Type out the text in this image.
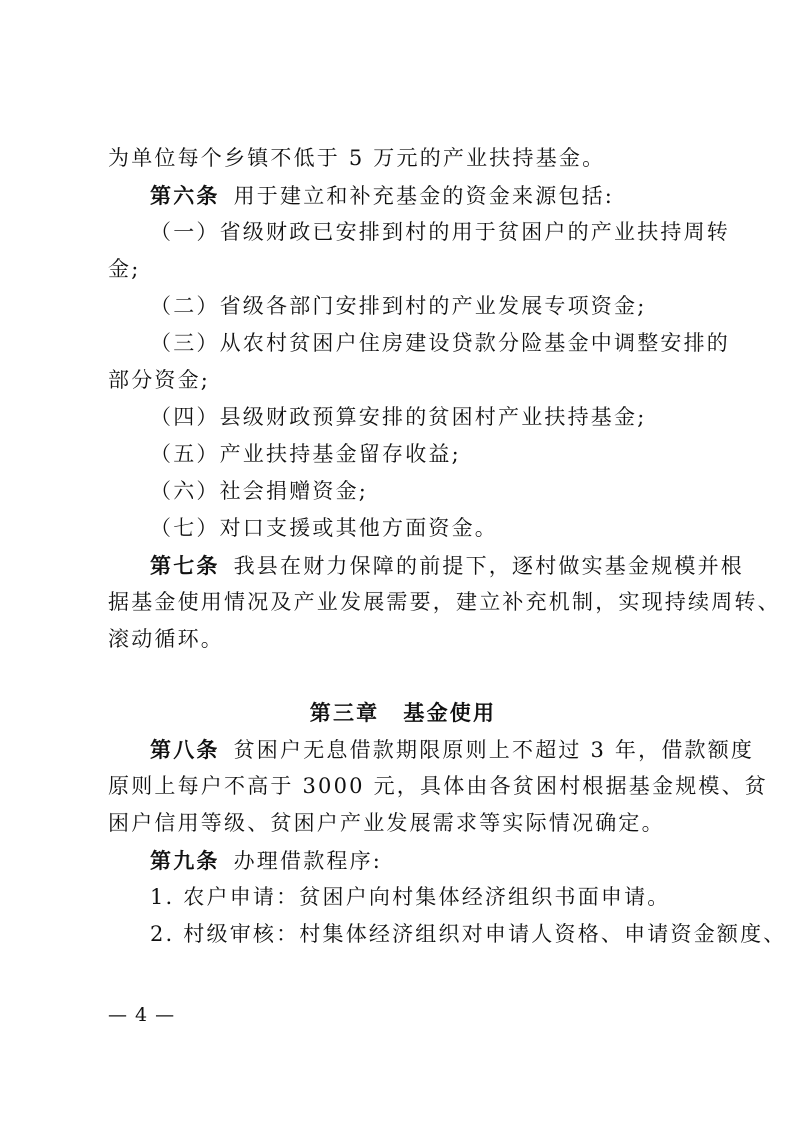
为单位每个乡镇不低于 5 万元的产业扶持基金。
第六条 用于建立和补充基金的资金来源包括:
（一）省级财政已安排到村的用于贫困户的产业扶持周转
金;
（二）省级各部门安排到村的产业发展专项资金;
（三）从农村贫困户住房建设贷款分险基金中调整安排的
部分资金;
（四）县级财政预算安排的贫困村产业扶持基金;
（五）产业扶持基金留存收益;
（六）社会捐赠资金;
（七）对口支援或其他方面资金。
第七条 我县在财力保障的前提下，逐村做实基金规模并根
据基金使用情况及产业发展需要，建立补充机制，实现持续周转、
滚动循环。
第三章 基金使用
第八条 贫困户无息借款期限原则上不超过 3 年，借款额度
原则上每户不高于 3000 元，具体由各贫困村根据基金规模、贫
困户信用等级、贫困户产业发展需求等实际情况确定。
第九条 办理借款程序:
1. 农户申请：贫困户向村集体经济组织书面申请。
2. 村级审核：村集体经济组织对申请人资格、申请资金额度、
— 4 —
